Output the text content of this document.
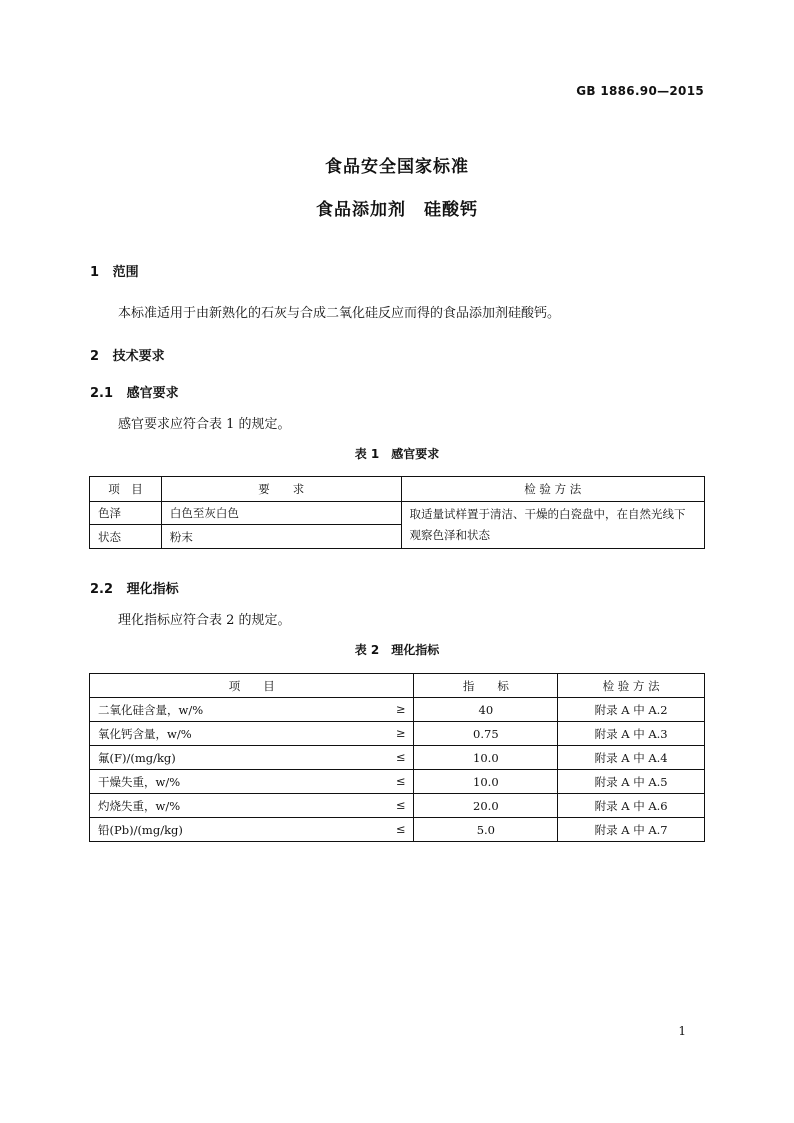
GB 1886.90—2015
食品安全国家标准
食品添加剂　硅酸钙
1 范围
本标准适用于由新熟化的石灰与合成二氧化硅反应而得的食品添加剂硅酸钙。
2 技术要求
2.1 感官要求
感官要求应符合表 1 的规定。
表 1 感官要求
项　目	要　　求	检 验 方 法
色泽	白色至灰白色	取适量试样置于清洁、干燥的白瓷盘中，在自然光线下观察色泽和状态
状态	粉末	
2.2 理化指标
理化指标应符合表 2 的规定。
表 2 理化指标
项　　目	指　　标	检 验 方 法
二氧化硅含量，w/% ≥	40	附录 A 中 A.2
氧化钙含量，w/% ≥	0.75	附录 A 中 A.3
氟(F)/(mg/kg) ≤	10.0	附录 A 中 A.4
干燥失重，w/% ≤	10.0	附录 A 中 A.5
灼烧失重，w/% ≤	20.0	附录 A 中 A.6
铅(Pb)/(mg/kg) ≤	5.0	附录 A 中 A.7
1
